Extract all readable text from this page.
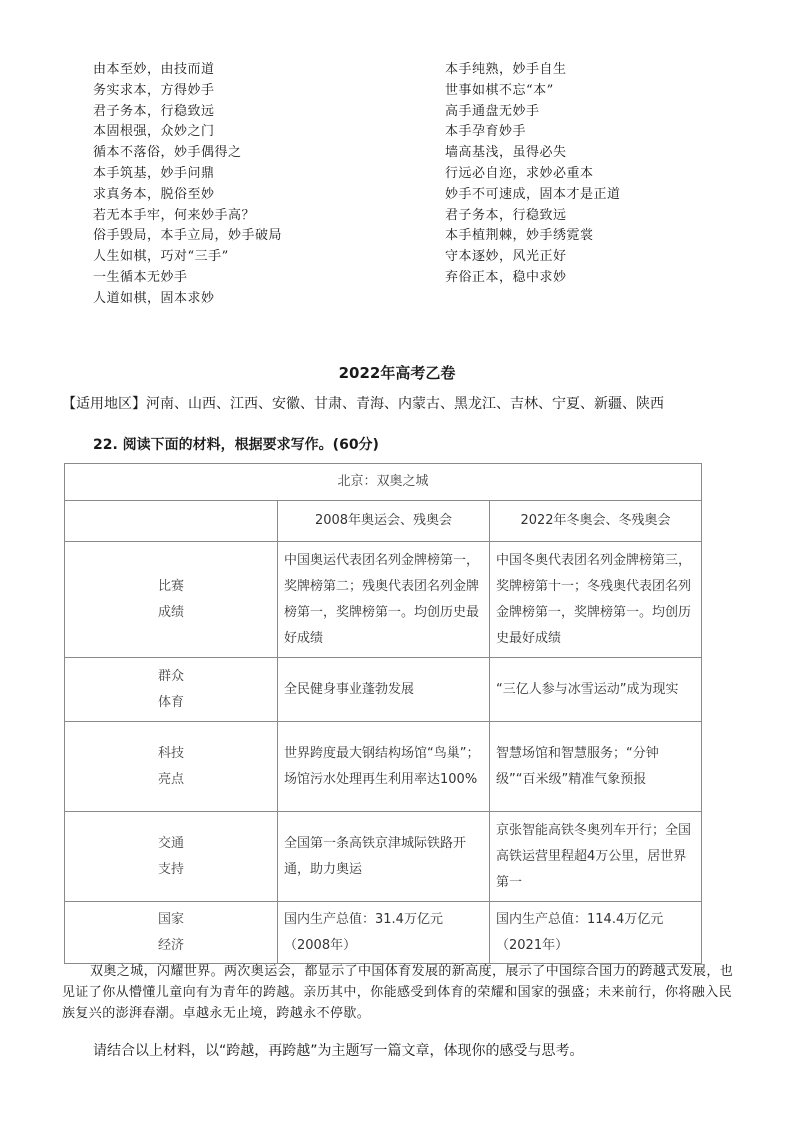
由本至妙，由技而道
务实求本，方得妙手
君子务本，行稳致远
本固根强，众妙之门
循本不落俗，妙手偶得之
本手筑基，妙手问鼎
求真务本，脱俗至妙
若无本手牢，何来妙手高？
俗手毁局，本手立局，妙手破局
人生如棋，巧对“三手”
一生循本无妙手
人道如棋，固本求妙
本手纯熟，妙手自生
世事如棋不忘“本”
高手通盘无妙手
本手孕育妙手
墙高基浅，虽得必失
行远必自迩，求妙必重本
妙手不可速成，固本才是正道
君子务本，行稳致远
本手植荆棘，妙手绣霓裳
守本逐妙，风光正好
弃俗正本，稳中求妙
2022年高考乙卷
【适用地区】河南、山西、江西、安徽、甘肃、青海、内蒙古、黑龙江、吉林、宁夏、新疆、陕西
22. 阅读下面的材料，根据要求写作。(60分)
北京：双奥之城		
	2008年奥运会、残奥会	2022年冬奥会、冬残奥会
比赛
成绩	中国奥运代表团名列金牌榜第一，奖牌榜第二；残奥代表团名列金牌榜第一，奖牌榜第一。均创历史最好成绩	中国冬奥代表团名列金牌榜第三，奖牌榜第十一；冬残奥代表团名列金牌榜第一，奖牌榜第一。均创历史最好成绩
群众
体育	全民健身事业蓬勃发展	“三亿人参与冰雪运动”成为现实
科技
亮点	世界跨度最大钢结构场馆“鸟巢”；场馆污水处理再生利用率达100%	智慧场馆和智慧服务；“分钟级”“百米级”精准气象预报
交通
支持	全国第一条高铁京津城际铁路开通，助力奥运	京张智能高铁冬奥列车开行；全国高铁运营里程超4万公里，居世界第一
国家
经济	国内生产总值：31.4万亿元（2008年）	国内生产总值：114.4万亿元（2021年）

双奥之城，闪耀世界。两次奥运会，都显示了中国体育发展的新高度，展示了中国综合国力的跨越式发展，也见证了你从懵懂儿童向有为青年的跨越。亲历其中，你能感受到体育的荣耀和国家的强盛；未来前行，你将融入民族复兴的澎湃春潮。卓越永无止境，跨越永不停歇。

请结合以上材料，以“跨越，再跨越”为主题写一篇文章，体现你的感受与思考。
